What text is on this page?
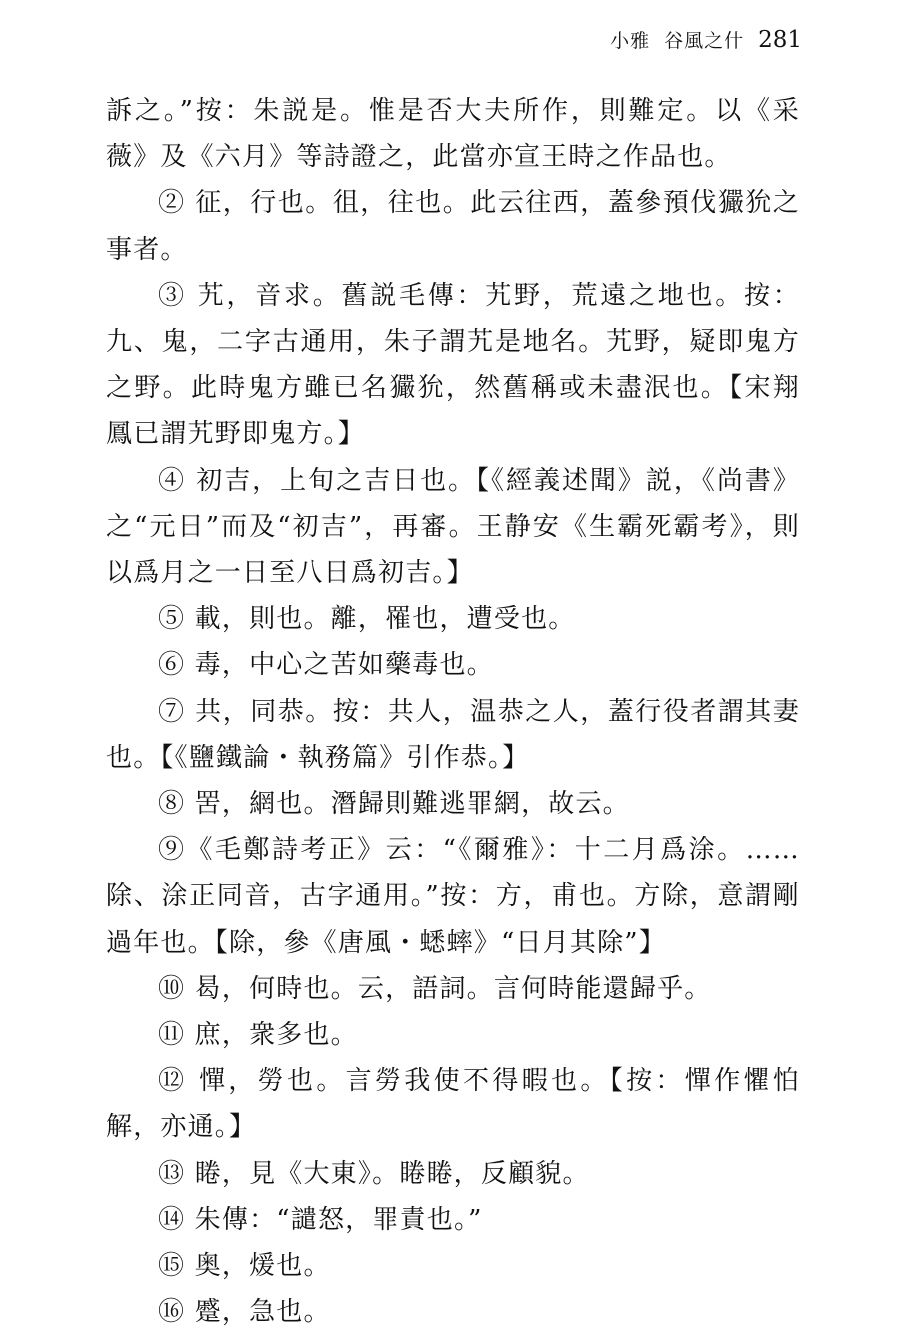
小雅 谷風之什 281

訴之。”按：朱説是。惟是否大夫所作，則難定。以《采薇》及《六月》等詩證之，此當亦宣王時之作品也。

② 征，行也。徂，往也。此云往西，蓋參預伐玁狁之事者。

③ 艽，音求。舊説毛傳：艽野，荒遠之地也。按：九、鬼，二字古通用，朱子謂艽是地名。艽野，疑即鬼方之野。此時鬼方雖已名玁狁，然舊稱或未盡泯也。【宋翔鳳已謂艽野即鬼方。】

④ 初吉，上旬之吉日也。【《經義述聞》説，《尚書》之“元日”而及“初吉”，再審。王静安《生霸死霸考》，則以爲月之一日至八日爲初吉。】

⑤ 載，則也。離，罹也，遭受也。

⑥ 毒，中心之苦如藥毒也。

⑦ 共，同恭。按：共人，温恭之人，蓋行役者謂其妻也。【《鹽鐵論・執務篇》引作恭。】

⑧ 罟，網也。潛歸則難逃罪網，故云。

⑨《毛鄭詩考正》云：“《爾雅》：十二月爲涂。……除、涂正同音，古字通用。”按：方，甫也。方除，意謂剛過年也。【除，參《唐風・蟋蟀》“日月其除”】

⑩ 曷，何時也。云，語詞。言何時能還歸乎。

⑪ 庶，衆多也。

⑫ 憚，勞也。言勞我使不得暇也。【按：憚作懼怕解，亦通。】

⑬ 睠，見《大東》。睠睠，反顧貌。

⑭ 朱傳：“譴怒，罪責也。”

⑮ 奥，煖也。

⑯ 蹙，急也。
